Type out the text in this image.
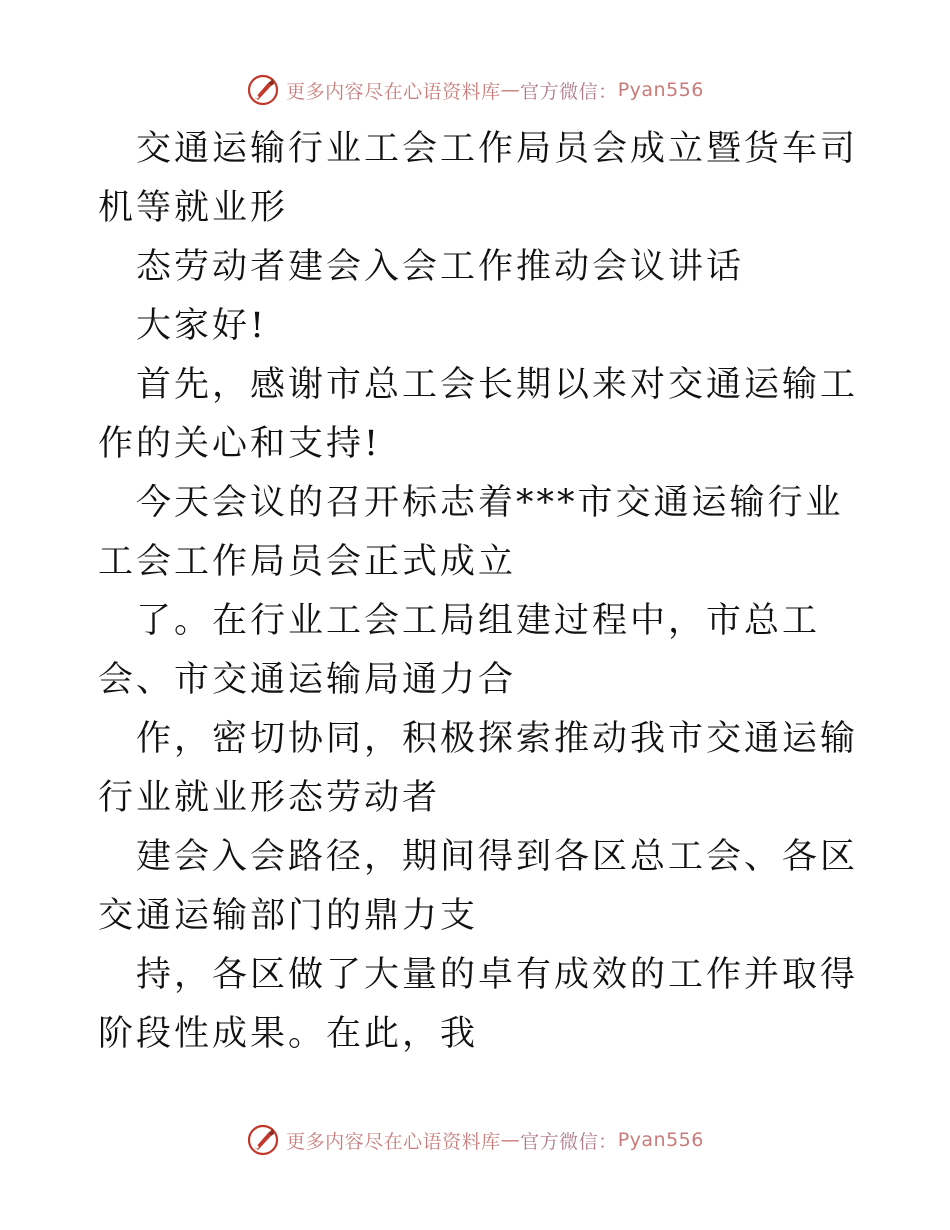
更多内容尽在心语资料库 — 官方微信： Pyan556

交通运输行业工会工作局员会成立暨货车司机等就业形

态劳动者建会入会工作推动会议讲话

大家好!

首先，感谢市总工会长期以来对交通运输工作的关心和支持!

今天会议的召开标志着***市交通运输行业工会工作局员会正式成立

了。在行业工会工局组建过程中，市总工会、市交通运输局通力合

作，密切协同，积极探索推动我市交通运输行业就业形态劳动者

建会入会路径，期间得到各区总工会、各区交通运输部门的鼎力支

持，各区做了大量的卓有成效的工作并取得阶段性成果。在此，我

更多内容尽在心语资料库 — 官方微信： Pyan556
